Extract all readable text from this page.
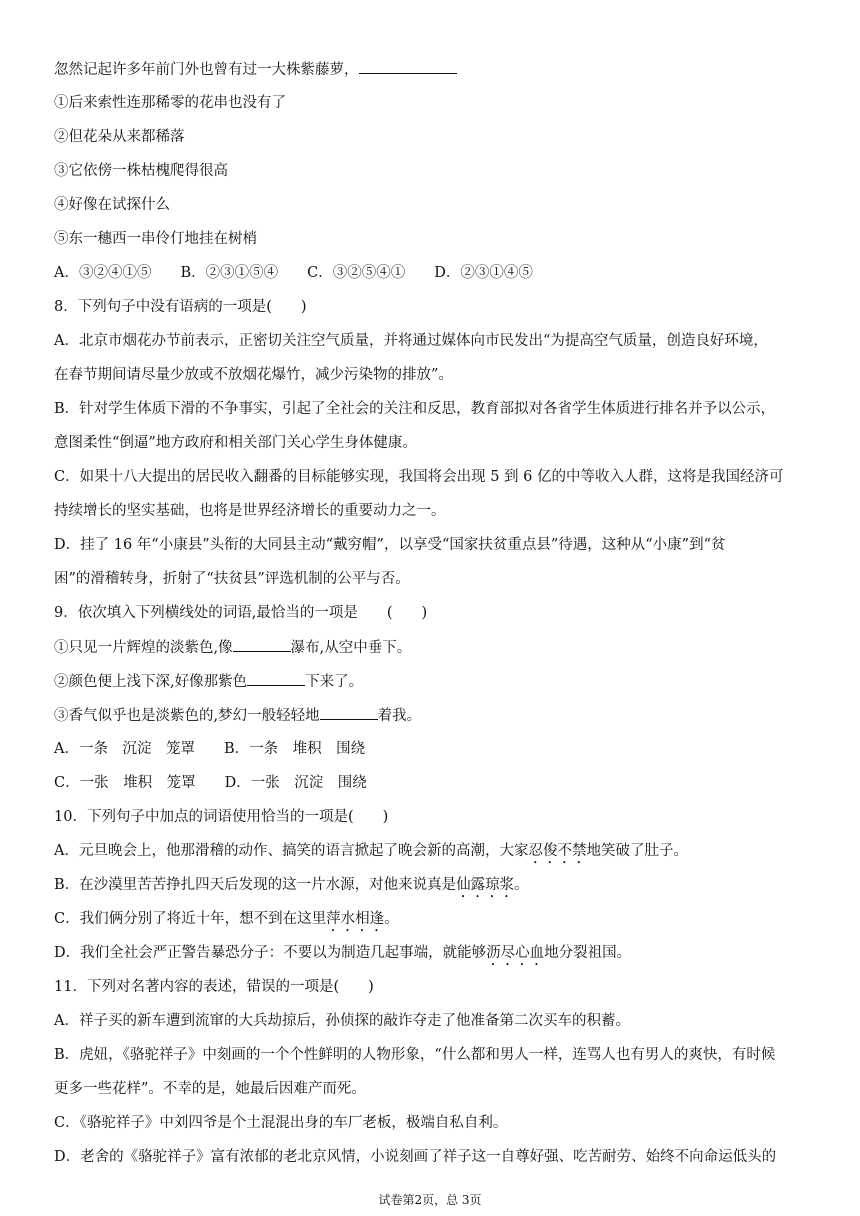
忽然记起许多年前门外也曾有过一大株紫藤萝，
①后来索性连那稀零的花串也没有了
②但花朵从来都稀落
③它依傍一株枯槐爬得很高
④好像在试探什么
⑤东一穗西一串伶仃地挂在树梢
A．③②④①⑤　　B．②③①⑤④　　C．③②⑤④①　　D．②③①④⑤
8．下列句子中没有语病的一项是(　　)
A．北京市烟花办节前表示，正密切关注空气质量，并将通过媒体向市民发出“为提高空气质量，创造良好环境，
在春节期间请尽量少放或不放烟花爆竹，减少污染物的排放”。
B．针对学生体质下滑的不争事实，引起了全社会的关注和反思，教育部拟对各省学生体质进行排名并予以公示，
意图柔性“倒逼”地方政府和相关部门关心学生身体健康。
C．如果十八大提出的居民收入翻番的目标能够实现，我国将会出现 5 到 6 亿的中等收入人群，这将是我国经济可
持续增长的坚实基础，也将是世界经济增长的重要动力之一。
D．挂了 16 年“小康县”头衔的大同县主动“戴穷帽”，以享受“国家扶贫重点县”待遇，这种从“小康”到“贫
困”的滑稽转身，折射了“扶贫县”评选机制的公平与否。
9．依次填入下列横线处的词语,最恰当的一项是　　(　　)
①只见一片辉煌的淡紫色,像	瀑布,从空中垂下。
②颜色便上浅下深,好像那紫色	下来了。
③香气似乎也是淡紫色的,梦幻一般轻轻地	着我。
A．一条　沉淀　笼罩　　B．一条　堆积　围绕
C．一张　堆积　笼罩　　D．一张　沉淀　围绕
10．下列句子中加点的词语使用恰当的一项是(　　)
A．元旦晚会上，他那滑稽的动作、搞笑的语言掀起了晚会新的高潮，大家忍俊不禁地笑破了肚子。
B．在沙漠里苦苦挣扎四天后发现的这一片水源，对他来说真是仙露琼浆。
C．我们俩分别了将近十年，想不到在这里萍水相逢。
D．我们全社会严正警告暴恐分子：不要以为制造几起事端，就能够沥尽心血地分裂祖国。
11．下列对名著内容的表述，错误的一项是(　　)
A．祥子买的新车遭到流窜的大兵劫掠后，孙侦探的敲诈夺走了他准备第二次买车的积蓄。
B．虎妞，《骆驼祥子》中刻画的一个个性鲜明的人物形象，“什么都和男人一样，连骂人也有男人的爽快，有时候
更多一些花样”。不幸的是，她最后因难产而死。
C．《骆驼祥子》中刘四爷是个土混混出身的车厂老板，极端自私自利。
D．老舍的《骆驼祥子》富有浓郁的老北京风情，小说刻画了祥子这一自尊好强、吃苦耐劳、始终不向命运低头的
试卷第2页，总 3页
